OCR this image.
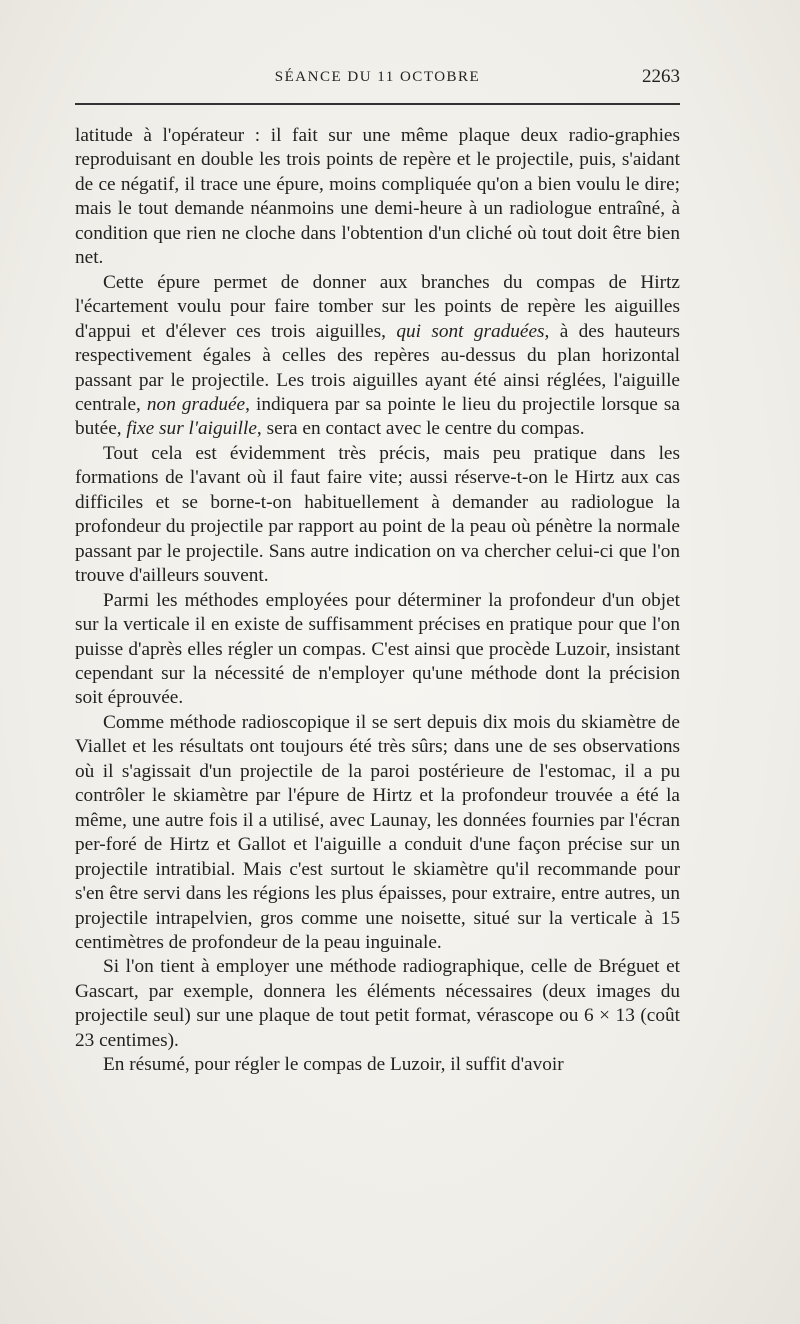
SÉANCE DU 11 OCTOBRE	2263

latitude à l'opérateur : il fait sur une même plaque deux radio-graphies reproduisant en double les trois points de repère et le projectile, puis, s'aidant de ce négatif, il trace une épure, moins compliquée qu'on a bien voulu le dire; mais le tout demande néanmoins une demi-heure à un radiologue entraîné, à condition que rien ne cloche dans l'obtention d'un cliché où tout doit être bien net.

Cette épure permet de donner aux branches du compas de Hirtz l'écartement voulu pour faire tomber sur les points de repère les aiguilles d'appui et d'élever ces trois aiguilles, qui sont graduées, à des hauteurs respectivement égales à celles des repères au-dessus du plan horizontal passant par le projectile. Les trois aiguilles ayant été ainsi réglées, l'aiguille centrale, non graduée, indiquera par sa pointe le lieu du projectile lorsque sa butée, fixe sur l'aiguille, sera en contact avec le centre du compas.

Tout cela est évidemment très précis, mais peu pratique dans les formations de l'avant où il faut faire vite; aussi réserve-t-on le Hirtz aux cas difficiles et se borne-t-on habituellement à demander au radiologue la profondeur du projectile par rapport au point de la peau où pénètre la normale passant par le projectile. Sans autre indication on va chercher celui-ci que l'on trouve d'ailleurs souvent.

Parmi les méthodes employées pour déterminer la profondeur d'un objet sur la verticale il en existe de suffisamment précises en pratique pour que l'on puisse d'après elles régler un compas. C'est ainsi que procède Luzoir, insistant cependant sur la nécessité de n'employer qu'une méthode dont la précision soit éprouvée.

Comme méthode radioscopique il se sert depuis dix mois du skiamètre de Viallet et les résultats ont toujours été très sûrs; dans une de ses observations où il s'agissait d'un projectile de la paroi postérieure de l'estomac, il a pu contrôler le skiamètre par l'épure de Hirtz et la profondeur trouvée a été la même, une autre fois il a utilisé, avec Launay, les données fournies par l'écran per-foré de Hirtz et Gallot et l'aiguille a conduit d'une façon précise sur un projectile intratibial. Mais c'est surtout le skiamètre qu'il recommande pour s'en être servi dans les régions les plus épaisses, pour extraire, entre autres, un projectile intrapelvien, gros comme une noisette, situé sur la verticale à 15 centimètres de profondeur de la peau inguinale.

Si l'on tient à employer une méthode radiographique, celle de Bréguet et Gascart, par exemple, donnera les éléments nécessaires (deux images du projectile seul) sur une plaque de tout petit format, vérascope ou 6 × 13 (coût 23 centimes).

En résumé, pour régler le compas de Luzoir, il suffit d'avoir
